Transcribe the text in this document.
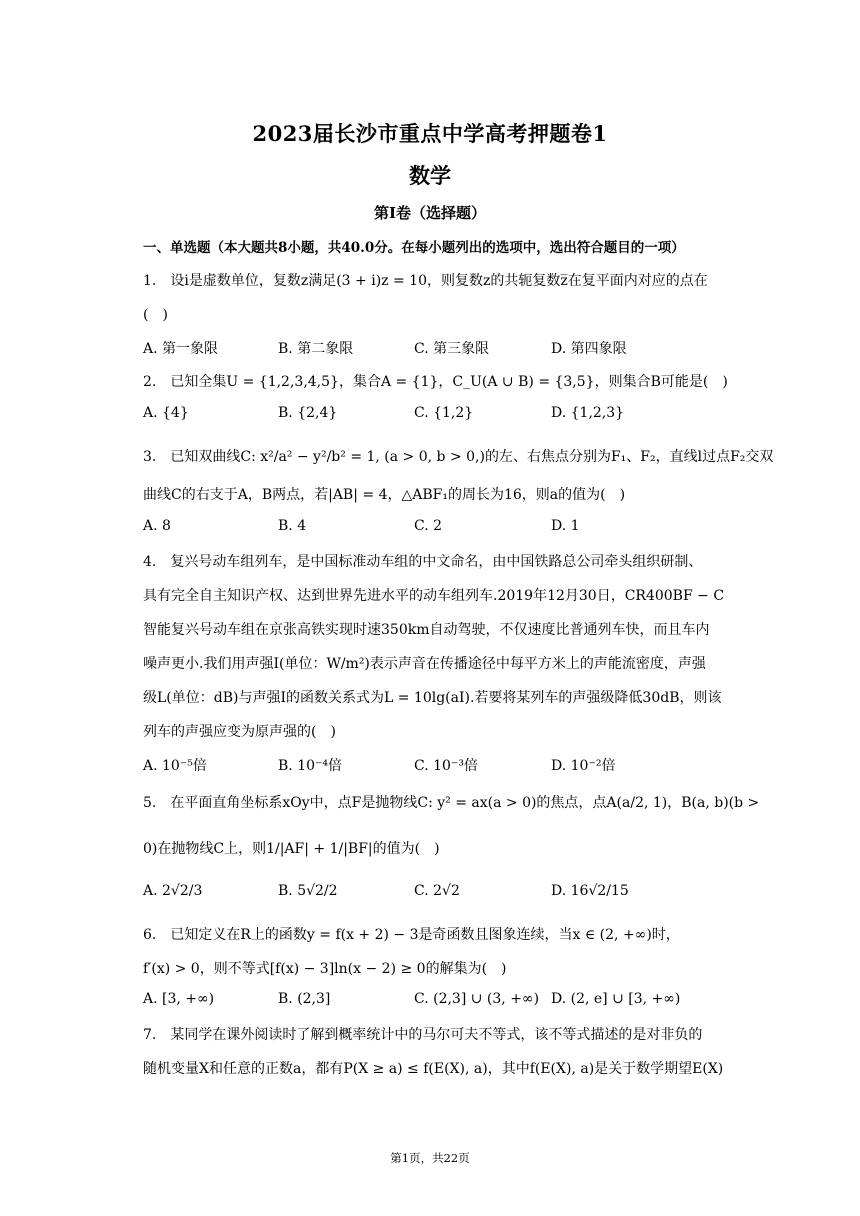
2023届长沙市重点中学高考押题卷1
数学
第I卷（选择题）
一、单选题（本大题共8小题，共40.0分。在每小题列出的选项中，选出符合题目的一项）
1.　设i是虚数单位，复数z满足(3 + i)z = 10，则复数z的共轭复数z̅在复平面内对应的点在
(　)
A. 第一象限	B. 第二象限	C. 第三象限	D. 第四象限
2.　已知全集U = {1,2,3,4,5}，集合A = {1}，C_U(A ∪ B) = {3,5}，则集合B可能是(　)
A. {4}	B. {2,4}	C. {1,2}	D. {1,2,3}
3.　已知双曲线C: x²/a² − y²/b² = 1, (a > 0, b > 0,)的左、右焦点分别为F₁、F₂，直线l过点F₂交双
曲线C的右支于A，B两点，若|AB| = 4，△ABF₁的周长为16，则a的值为(　)
A. 8	B. 4	C. 2	D. 1
4.　复兴号动车组列车，是中国标准动车组的中文命名，由中国铁路总公司牵头组织研制、
具有完全自主知识产权、达到世界先进水平的动车组列车.2019年12月30日，CR400BF − C
智能复兴号动车组在京张高铁实现时速350km自动驾驶，不仅速度比普通列车快，而且车内
噪声更小.我们用声强I(单位：W/m²)表示声音在传播途径中每平方米上的声能流密度，声强
级L(单位：dB)与声强I的函数关系式为L = 10lg(aI).若要将某列车的声强级降低30dB，则该
列车的声强应变为原声强的(　)
A. 10⁻⁵倍	B. 10⁻⁴倍	C. 10⁻³倍	D. 10⁻²倍
5.　在平面直角坐标系xOy中，点F是抛物线C: y² = ax(a > 0)的焦点，点A(a/2, 1)，B(a, b)(b >
0)在抛物线C上，则1/|AF| + 1/|BF|的值为(　)
A. 2√2/3	B. 5√2/2	C. 2√2	D. 16√2/15
6.　已知定义在R上的函数y = f(x + 2) − 3是奇函数且图象连续，当x ∈ (2, +∞)时，
f′(x) > 0，则不等式[f(x) − 3]ln(x − 2) ≥ 0的解集为(　)
A. [3, +∞)	B. (2,3]	C. (2,3] ∪ (3, +∞) D. (2, e] ∪ [3, +∞)
7.　某同学在课外阅读时了解到概率统计中的马尔可夫不等式，该不等式描述的是对非负的
随机变量X和任意的正数a，都有P(X ≥ a) ≤ f(E(X), a)，其中f(E(X), a)是关于数学期望E(X)
第1页，共22页
